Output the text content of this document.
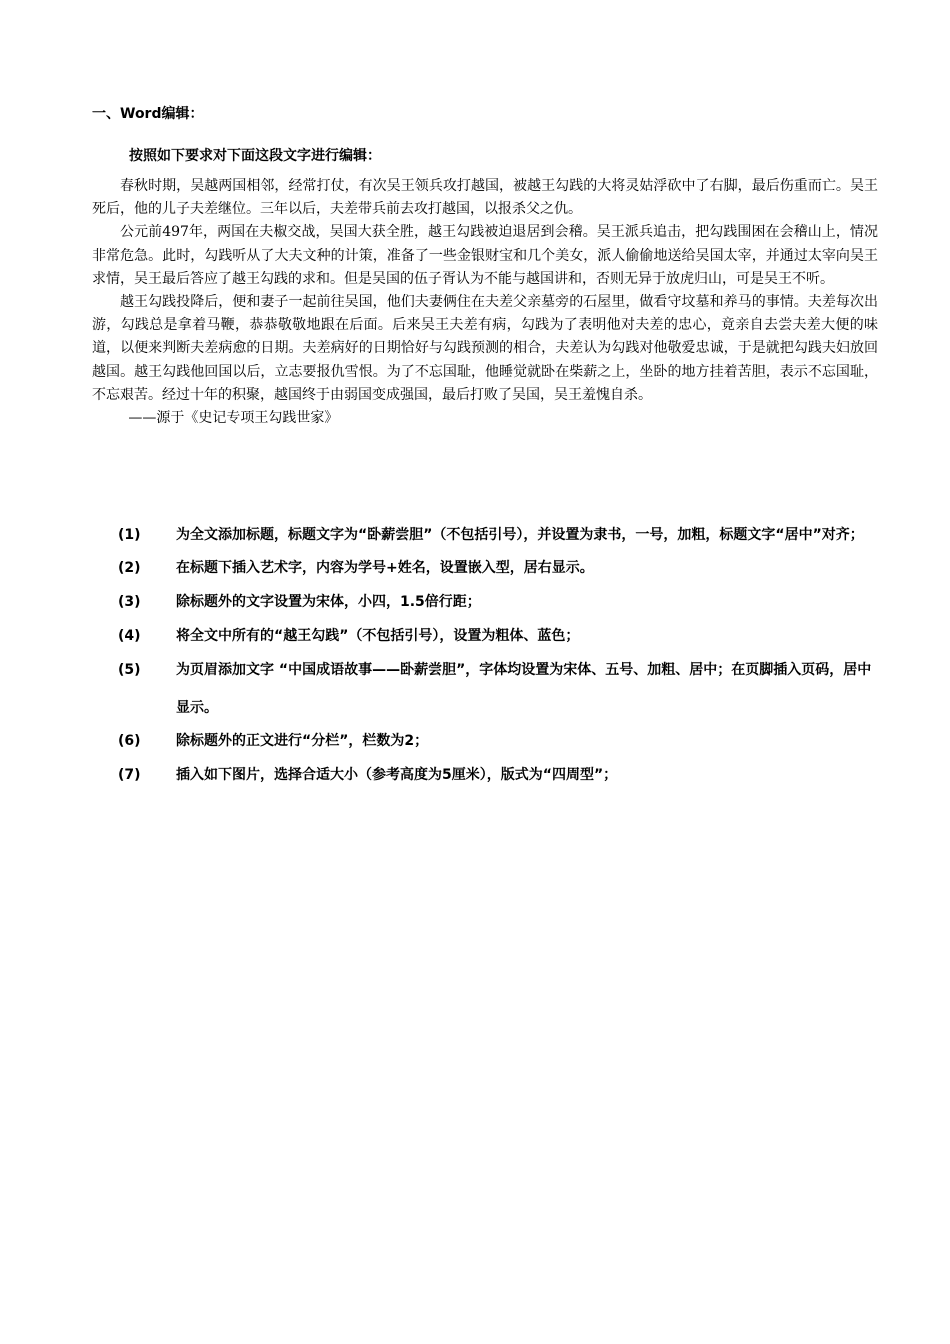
一、Word编辑：
按照如下要求对下面这段文字进行编辑：

春秋时期，吴越两国相邻，经常打仗，有次吴王领兵攻打越国，被越王勾践的大将灵姑浮砍中了右脚，最后伤重而亡。吴王死后，他的儿子夫差继位。三年以后，夫差带兵前去攻打越国，以报杀父之仇。

公元前497年，两国在夫椒交战，吴国大获全胜，越王勾践被迫退居到会稽。吴王派兵追击，把勾践围困在会稽山上，情况非常危急。此时，勾践听从了大夫文种的计策，准备了一些金银财宝和几个美女，派人偷偷地送给吴国太宰，并通过太宰向吴王求情，吴王最后答应了越王勾践的求和。但是吴国的伍子胥认为不能与越国讲和，否则无异于放虎归山，可是吴王不听。

越王勾践投降后，便和妻子一起前往吴国，他们夫妻俩住在夫差父亲墓旁的石屋里，做看守坟墓和养马的事情。夫差每次出游，勾践总是拿着马鞭，恭恭敬敬地跟在后面。后来吴王夫差有病，勾践为了表明他对夫差的忠心，竟亲自去尝夫差大便的味道，以便来判断夫差病愈的日期。夫差病好的日期恰好与勾践预测的相合，夫差认为勾践对他敬爱忠诚，于是就把勾践夫妇放回越国。越王勾践他回国以后，立志要报仇雪恨。为了不忘国耻，他睡觉就卧在柴薪之上，坐卧的地方挂着苦胆，表示不忘国耻，不忘艰苦。经过十年的积聚，越国终于由弱国变成强国，最后打败了吴国，吴王羞愧自杀。

——源于《史记专项王勾践世家》

(1)	为全文添加标题，标题文字为“卧薪尝胆”（不包括引号），并设置为隶书，一号，加粗，标题文字“居中”对齐；
(2)	在标题下插入艺术字，内容为学号+姓名，设置嵌入型，居右显示。
(3)	除标题外的文字设置为宋体，小四，1.5倍行距；
(4)	将全文中所有的“越王勾践”（不包括引号），设置为粗体、蓝色；
(5)	为页眉添加文字 “中国成语故事——卧薪尝胆”，字体均设置为宋体、五号、加粗、居中；在页脚插入页码，居中显示。
(6)	除标题外的正文进行“分栏”，栏数为2；
(7)	插入如下图片，选择合适大小（参考高度为5厘米），版式为“四周型”；
